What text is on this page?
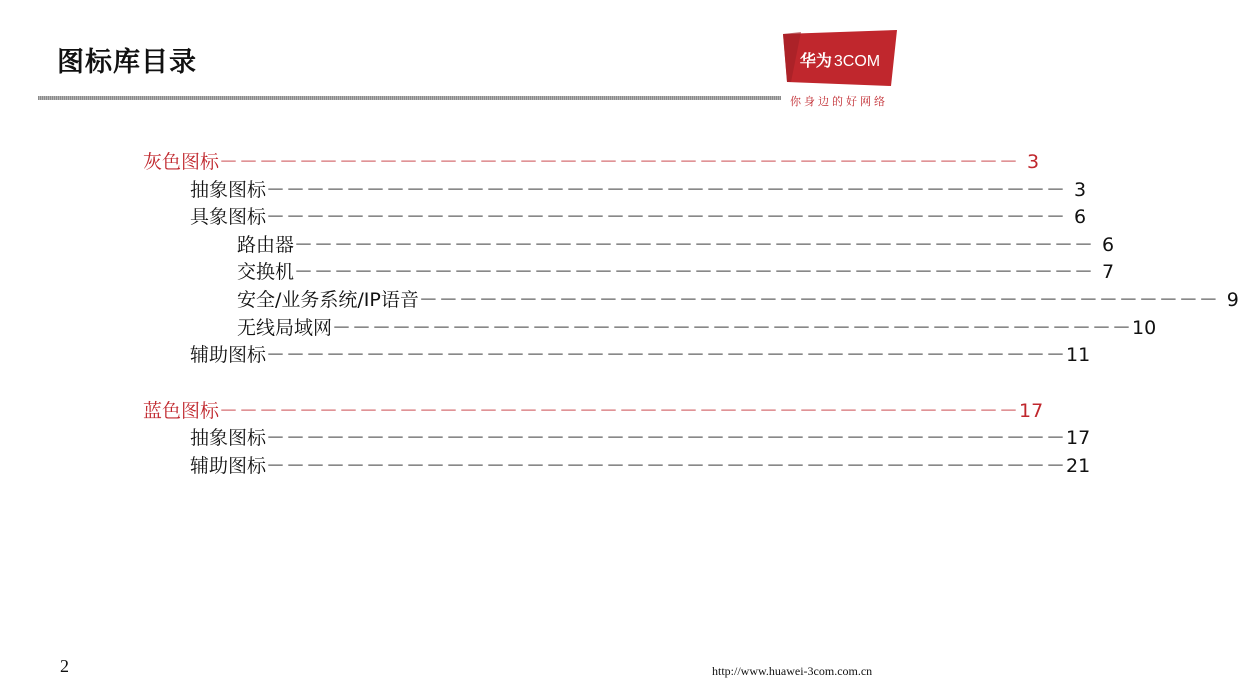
图标库目录	华为 3COM
你身边的好网络
灰色图标 －－－－－－－－－－－－－－－－－－－－－－－－－－－－－－－－－－－－－－－－ 3
抽象图标 －－－－－－－－－－－－－－－－－－－－－－－－－－－－－－－－－－－－－－－－ 3
具象图标 －－－－－－－－－－－－－－－－－－－－－－－－－－－－－－－－－－－－－－－－ 6
路由器 －－－－－－－－－－－－－－－－－－－－－－－－－－－－－－－－－－－－－－－－ 6
交换机 －－－－－－－－－－－－－－－－－－－－－－－－－－－－－－－－－－－－－－－－ 7
安全/业务系统/IP语音 －－－－－－－－－－－－－－－－－－－－－－－－－－－－－－－－－－－－－－－－ 9
无线局域网 －－－－－－－－－－－－－－－－－－－－－－－－－－－－－－－－－－－－－－－－ 10
辅助图标 －－－－－－－－－－－－－－－－－－－－－－－－－－－－－－－－－－－－－－－－ 11
蓝色图标 －－－－－－－－－－－－－－－－－－－－－－－－－－－－－－－－－－－－－－－－ 17
抽象图标 －－－－－－－－－－－－－－－－－－－－－－－－－－－－－－－－－－－－－－－－ 17
辅助图标 －－－－－－－－－－－－－－－－－－－－－－－－－－－－－－－－－－－－－－－－ 21
2	http://www.huawei-3com.com.cn
